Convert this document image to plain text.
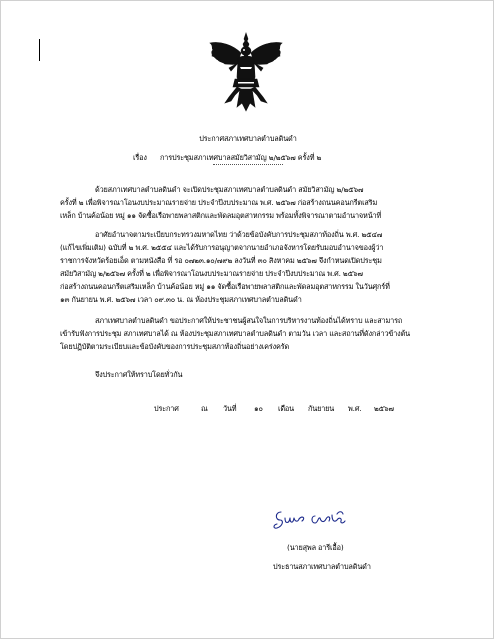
ประกาศสภาเทศบาลตำบลดินดำ
เรื่อง การประชุมสภาเทศบาลสมัยวิสามัญ ๒/๒๕๖๗ ครั้งที่ ๒
ด้วยสภาเทศบาลตำบลดินดำ จะเปิดประชุมสภาเทศบาลตำบลดินดำ สมัยวิสามัญ ๒/๒๕๖๗
ครั้งที่ ๒ เพื่อพิจารณาโอนงบประมาณรายจ่าย ประจำปีงบประมาณ พ.ศ. ๒๕๖๗ ก่อสร้างถนนคอนกรีตเสริม
เหล็ก บ้านค้อน้อย หมู่ ๑๑ จัดซื้อเรือพายพลาสติกและพัดลมอุตสาหกรรม พร้อมทั้งพิจารณาตามอำนาจหน้าที่
อาศัยอำนาจตามระเบียบกระทรวงมหาดไทย ว่าด้วยข้อบังคับการประชุมสภาท้องถิ่น พ.ศ. ๒๕๔๗
(แก้ไขเพิ่มเติม) ฉบับที่ ๒ พ.ศ. ๒๕๕๔ และได้รับการอนุญาตจากนายอำเภอจังหารโดยรับมอบอำนาจของผู้ว่า
ราชการจังหวัดร้อยเอ็ด ตามหนังสือ ที่ รอ ๐๗๒๓.๑๐/๗๙๒ ลงวันที่ ๓๐ สิงหาคม ๒๕๖๗ จึงกำหนดเปิดประชุม
สมัยวิสามัญ ๒/๒๕๖๗ ครั้งที่ ๒ เพื่อพิจารณาโอนงบประมาณรายจ่าย ประจำปีงบประมาณ พ.ศ. ๒๕๖๗
ก่อสร้างถนนคอนกรีตเสริมเหล็ก บ้านค้อน้อย หมู่ ๑๑ จัดซื้อเรือพายพลาสติกและพัดลมอุตสาหกรรม ในวันศุกร์ที่
๑๓ กันยายน พ.ศ. ๒๕๖๗ เวลา ๐๙.๓๐ น. ณ ห้องประชุมสภาเทศบาลตำบลดินดำ
สภาเทศบาลตำบลดินดำ ขอประกาศให้ประชาชนผู้สนใจในการบริหารงานท้องถิ่นได้ทราบ และสามารถ
เข้ารับฟังการประชุม สภาเทศบาลได้ ณ ห้องประชุมสภาเทศบาลตำบลดินดำ ตามวัน เวลา และสถานที่ดังกล่าวข้างต้น
โดยปฏิบัติตามระเบียบและข้อบังคับของการประชุมสภาท้องถิ่นอย่างเคร่งครัด
จึงประกาศให้ทราบโดยทั่วกัน
ประกาศ	ณ วันที่ ๑๐ เดือน กันยายน พ.ศ. ๒๕๖๗
(นายสุพล อารีเอื้อ)
ประธานสภาเทศบาลตำบลดินดำ
